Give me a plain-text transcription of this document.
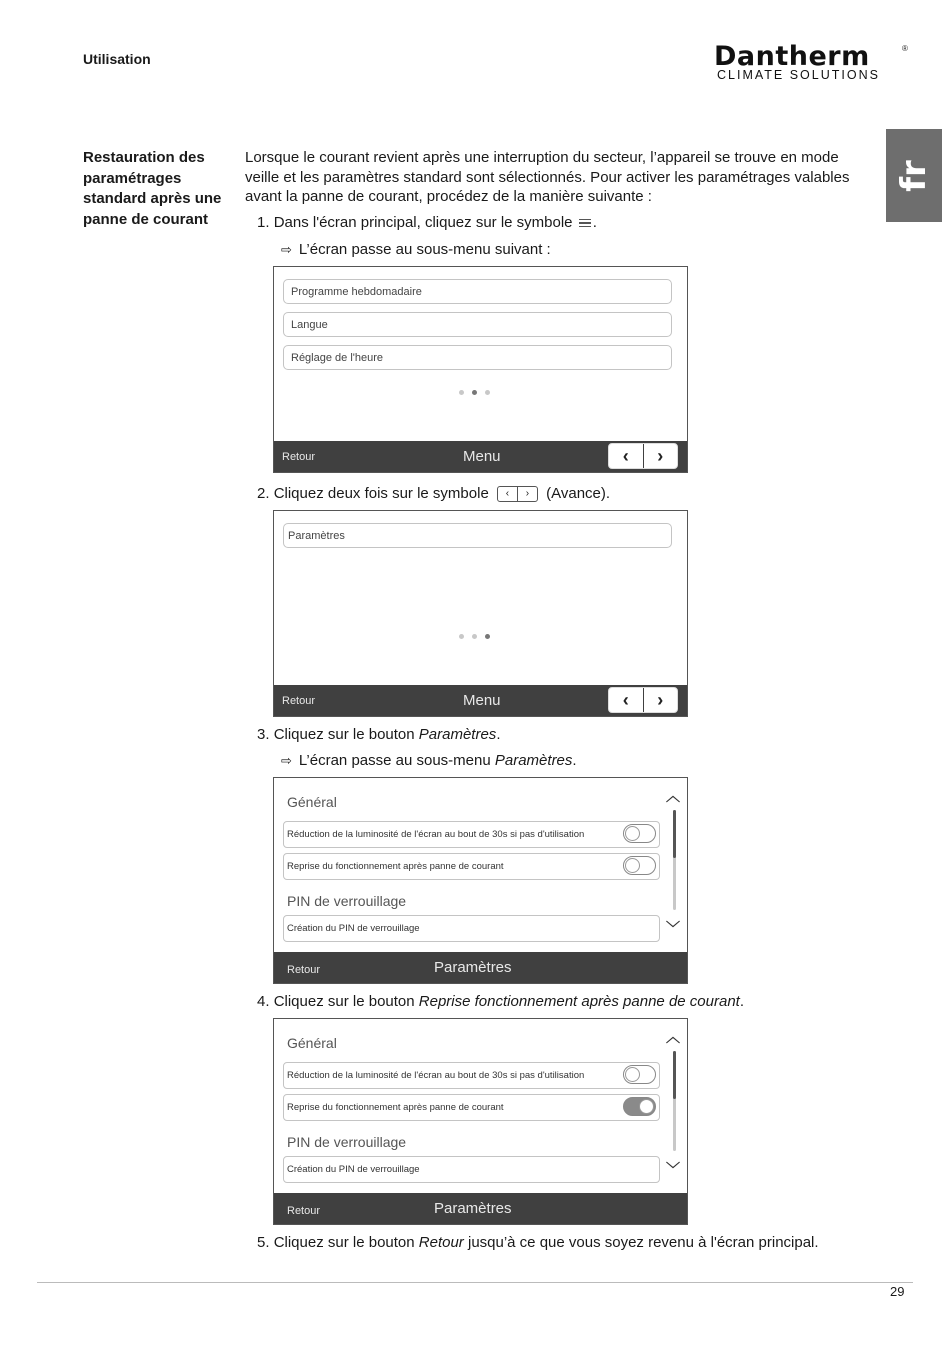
Utilisation	Dantherm	®
CLIMATE SOLUTIONS
fr
Restauration des paramétrages standard après une panne de courant
Lorsque le courant revient après une interruption du secteur, l’appareil se trouve en mode veille et les paramètres standard sont sélectionnés. Pour activer les paramétrages valables avant la panne de courant, procédez de la manière suivante :
1. Dans l'écran principal, cliquez sur le symbole .
⇨ L’écran passe au sous-menu suivant :
Programme hebdomadaire
Langue
Réglage de l'heure
Retour	Menu	‹	›
2. Cliquez deux fois sur le symbole	‹	›	(Avance).
Paramètres
Retour	Menu	‹	›
3. Cliquez sur le bouton Paramètres.
⇨ L’écran passe au sous-menu Paramètres.
Général	︿
Réduction de la luminosité de l'écran au bout de 30s si pas d'utilisation
Reprise du fonctionnement après panne de courant
PIN de verrouillage
Création du PIN de verrouillage	﹀
Retour	Paramètres
4. Cliquez sur le bouton Reprise fonctionnement après panne de courant.
Général	︿
Réduction de la luminosité de l'écran au bout de 30s si pas d'utilisation
Reprise du fonctionnement après panne de courant
PIN de verrouillage
Création du PIN de verrouillage	﹀
Retour	Paramètres
5. Cliquez sur le bouton Retour jusqu’à ce que vous soyez revenu à l'écran principal.
29
